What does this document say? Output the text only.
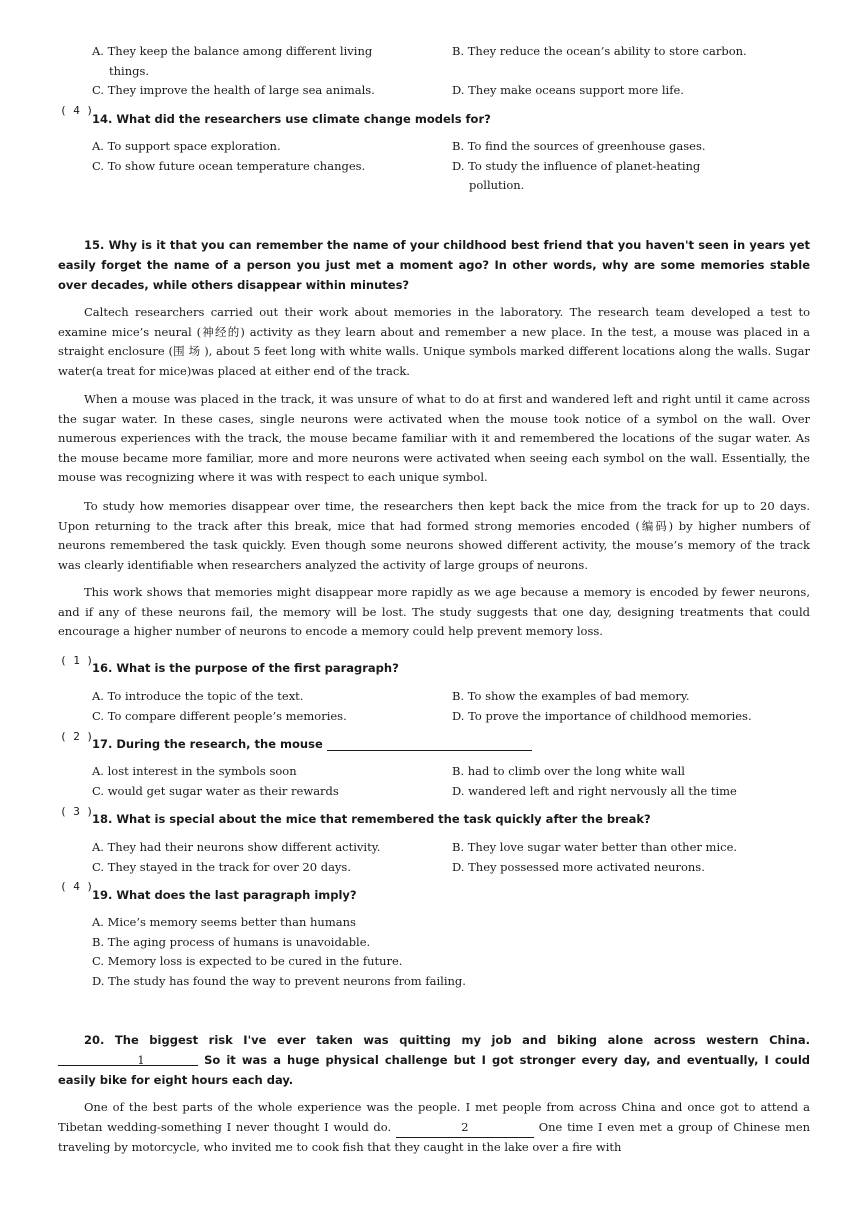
A. They keep the balance among different living
things.
B. They reduce the ocean’s ability to store carbon.
C. They improve the health of large sea animals.	D. They make oceans support more life.
( 4 )
14. What did the researchers use climate change models for?
A. To support space exploration.	B. To find the sources of greenhouse gases.
C. To show future ocean temperature changes.	D. To study the influence of planet-heating
pollution.
15. Why is it that you can remember the name of your childhood best friend that you haven't seen in years yet easily forget the name of a person you just met a moment ago? In other words, why are some memories stable over decades, while others disappear within minutes?
Caltech researchers carried out their work about memories in the laboratory. The research team developed a test to examine mice’s neural (神经的) activity as they learn about and remember a new place. In the test, a mouse was placed in a straight enclosure (围 场 ), about 5 feet long with white walls. Unique symbols marked different locations along the walls. Sugar water(a treat for mice)was placed at either end of the track.
When a mouse was placed in the track, it was unsure of what to do at first and wandered left and right until it came across the sugar water. In these cases, single neurons were activated when the mouse took notice of a symbol on the wall. Over numerous experiences with the track, the mouse became familiar with it and remembered the locations of the sugar water. As the mouse became more familiar, more and more neurons were activated when seeing each symbol on the wall. Essentially, the mouse was recognizing where it was with respect to each unique symbol.
To study how memories disappear over time, the researchers then kept back the mice from the track for up to 20 days. Upon returning to the track after this break, mice that had formed strong memories encoded (编码) by higher numbers of neurons remembered the task quickly. Even though some neurons showed different activity, the mouse’s memory of the track was clearly identifiable when researchers analyzed the activity of large groups of neurons.
This work shows that memories might disappear more rapidly as we age because a memory is encoded by fewer neurons, and if any of these neurons fail, the memory will be lost. The study suggests that one day, designing treatments that could encourage a higher number of neurons to encode a memory could help prevent memory loss.
( 1 )
16. What is the purpose of the first paragraph?
A. To introduce the topic of the text.	B. To show the examples of bad memory.
C. To compare different people’s memories.	D. To prove the importance of childhood memories.
( 2 )
17. During the research, the mouse
A. lost interest in the symbols soon	B. had to climb over the long white wall
C. would get sugar water as their rewards	D. wandered left and right nervously all the time
( 3 )
18. What is special about the mice that remembered the task quickly after the break?
A. They had their neurons show different activity.	B. They love sugar water better than other mice.
C. They stayed in the track for over 20 days.	D. They possessed more activated neurons.
( 4 )
19. What does the last paragraph imply?
A. Mice’s memory seems better than humans
B. The aging process of humans is unavoidable.
C. Memory loss is expected to be cured in the future.
D. The study has found the way to prevent neurons from failing.
20. The biggest risk I've ever taken was quitting my job and biking alone across western China. 1	So it was a huge physical challenge but I got stronger every day, and eventually, I could easily bike for eight hours each day.
One of the best parts of the whole experience was the people. I met people from across China and once got to attend a Tibetan wedding-something I never thought I would do.	2	One time I even met a group of Chinese men traveling by motorcycle, who invited me to cook fish that they caught in the lake over a fire with
